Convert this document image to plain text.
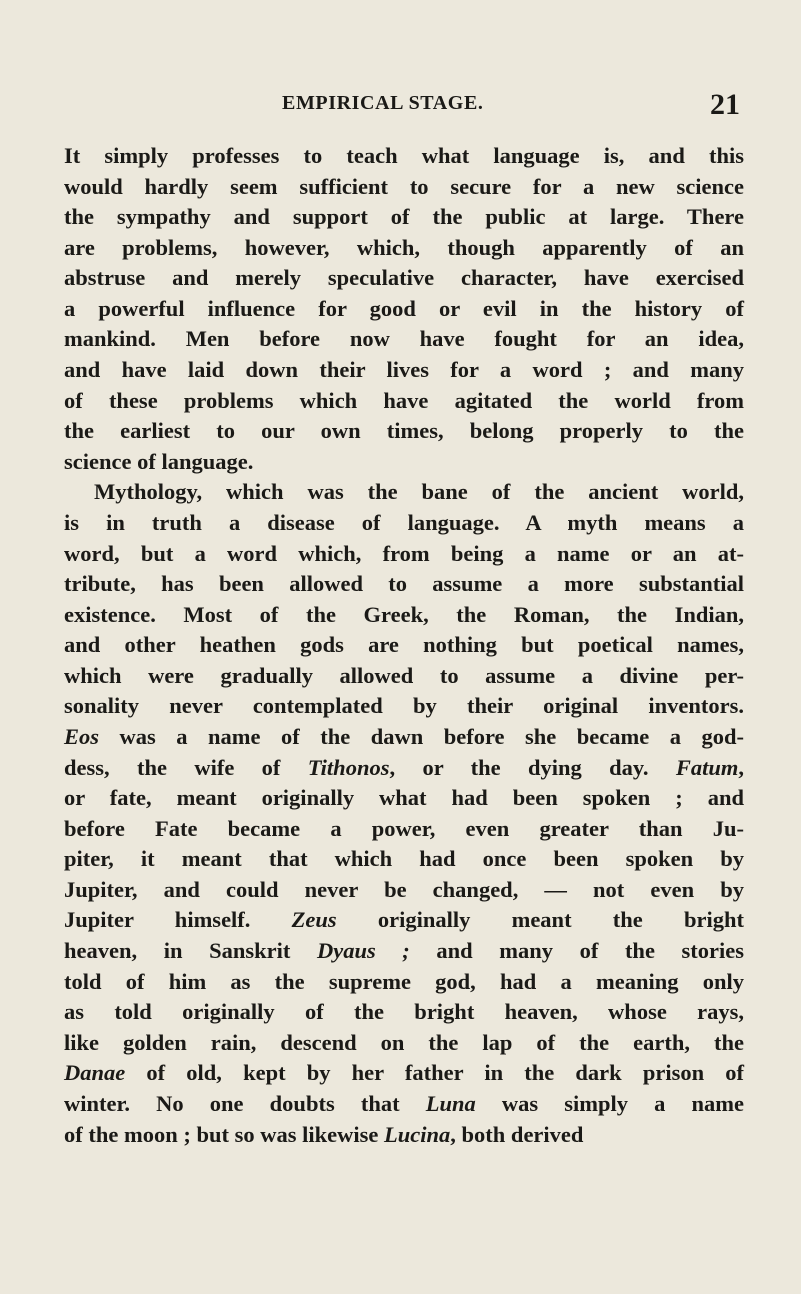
EMPIRICAL STAGE.	21
It simply professes to teach what language is, and this
would hardly seem sufficient to secure for a new science
the sympathy and support of the public at large. There
are problems, however, which, though apparently of an
abstruse and merely speculative character, have exercised
a powerful influence for good or evil in the history of
mankind. Men before now have fought for an idea,
and have laid down their lives for a word ; and many
of these problems which have agitated the world from
the earliest to our own times, belong properly to the
science of language.
Mythology, which was the bane of the ancient world,
is in truth a disease of language. A myth means a
word, but a word which, from being a name or an at-
tribute, has been allowed to assume a more substantial
existence. Most of the Greek, the Roman, the Indian,
and other heathen gods are nothing but poetical names,
which were gradually allowed to assume a divine per-
sonality never contemplated by their original inventors.
Eos was a name of the dawn before she became a god-
dess, the wife of Tithonos, or the dying day. Fatum,
or fate, meant originally what had been spoken ; and
before Fate became a power, even greater than Ju-
piter, it meant that which had once been spoken by
Jupiter, and could never be changed, — not even by
Jupiter himself. Zeus originally meant the bright
heaven, in Sanskrit Dyaus ; and many of the stories
told of him as the supreme god, had a meaning only
as told originally of the bright heaven, whose rays,
like golden rain, descend on the lap of the earth, the
Danae of old, kept by her father in the dark prison of
winter. No one doubts that Luna was simply a name
of the moon ; but so was likewise Lucina, both derived
